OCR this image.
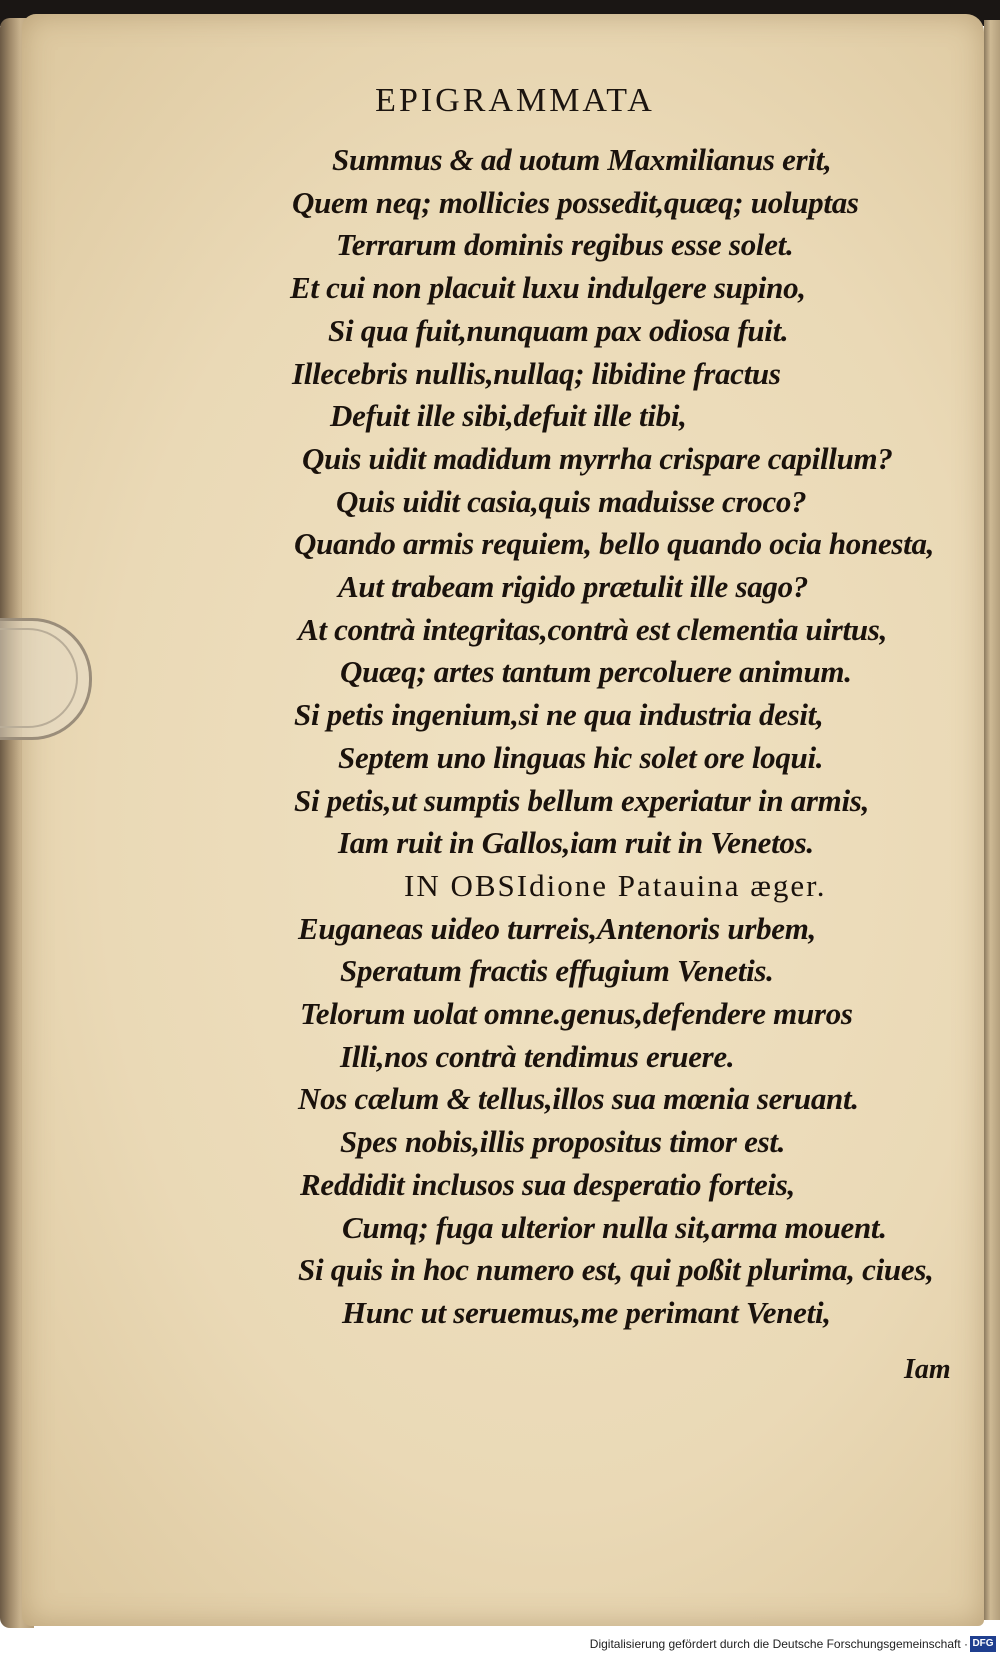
EPIGRAMMATA
Summus & ad uotum Maxmilianus erit,
Quem neq; mollicies possedit,quæq; uoluptas
Terrarum dominis regibus esse solet.
Et cui non placuit luxu indulgere supino,
Si qua fuit,nunquam pax odiosa fuit.
Illecebris nullis,nullaq; libidine fractus
Defuit ille sibi,defuit ille tibi,
Quis uidit madidum myrrha crispare capillum?
Quis uidit casia,quis maduisse croco?
Quando armis requiem, bello quando ocia honesta,
Aut trabeam rigido prætulit ille sago?
At contrà integritas,contrà est clementia uirtus,
Quæq; artes tantum percoluere animum.
Si petis ingenium,si ne qua industria desit,
Septem uno linguas hic solet ore loqui.
Si petis,ut sumptis bellum experiatur in armis,
Iam ruit in Gallos,iam ruit in Venetos.
IN OBSIdione Patauina æger.
Euganeas uideo turreis,Antenoris urbem,
Speratum fractis effugium Venetis.
Telorum uolat omne.genus,defendere muros
Illi,nos contrà tendimus eruere.
Nos cælum & tellus,illos sua mœnia seruant.
Spes nobis,illis propositus timor est.
Reddidit inclusos sua desperatio forteis,
Cumq; fuga ulterior nulla sit,arma mouent.
Si quis in hoc numero est, qui poßit plurima, ciues,
Hunc ut seruemus,me perimant Veneti,
Iam
Digitalisierung gefördert durch die Deutsche Forschungsgemeinschaft · DFG
